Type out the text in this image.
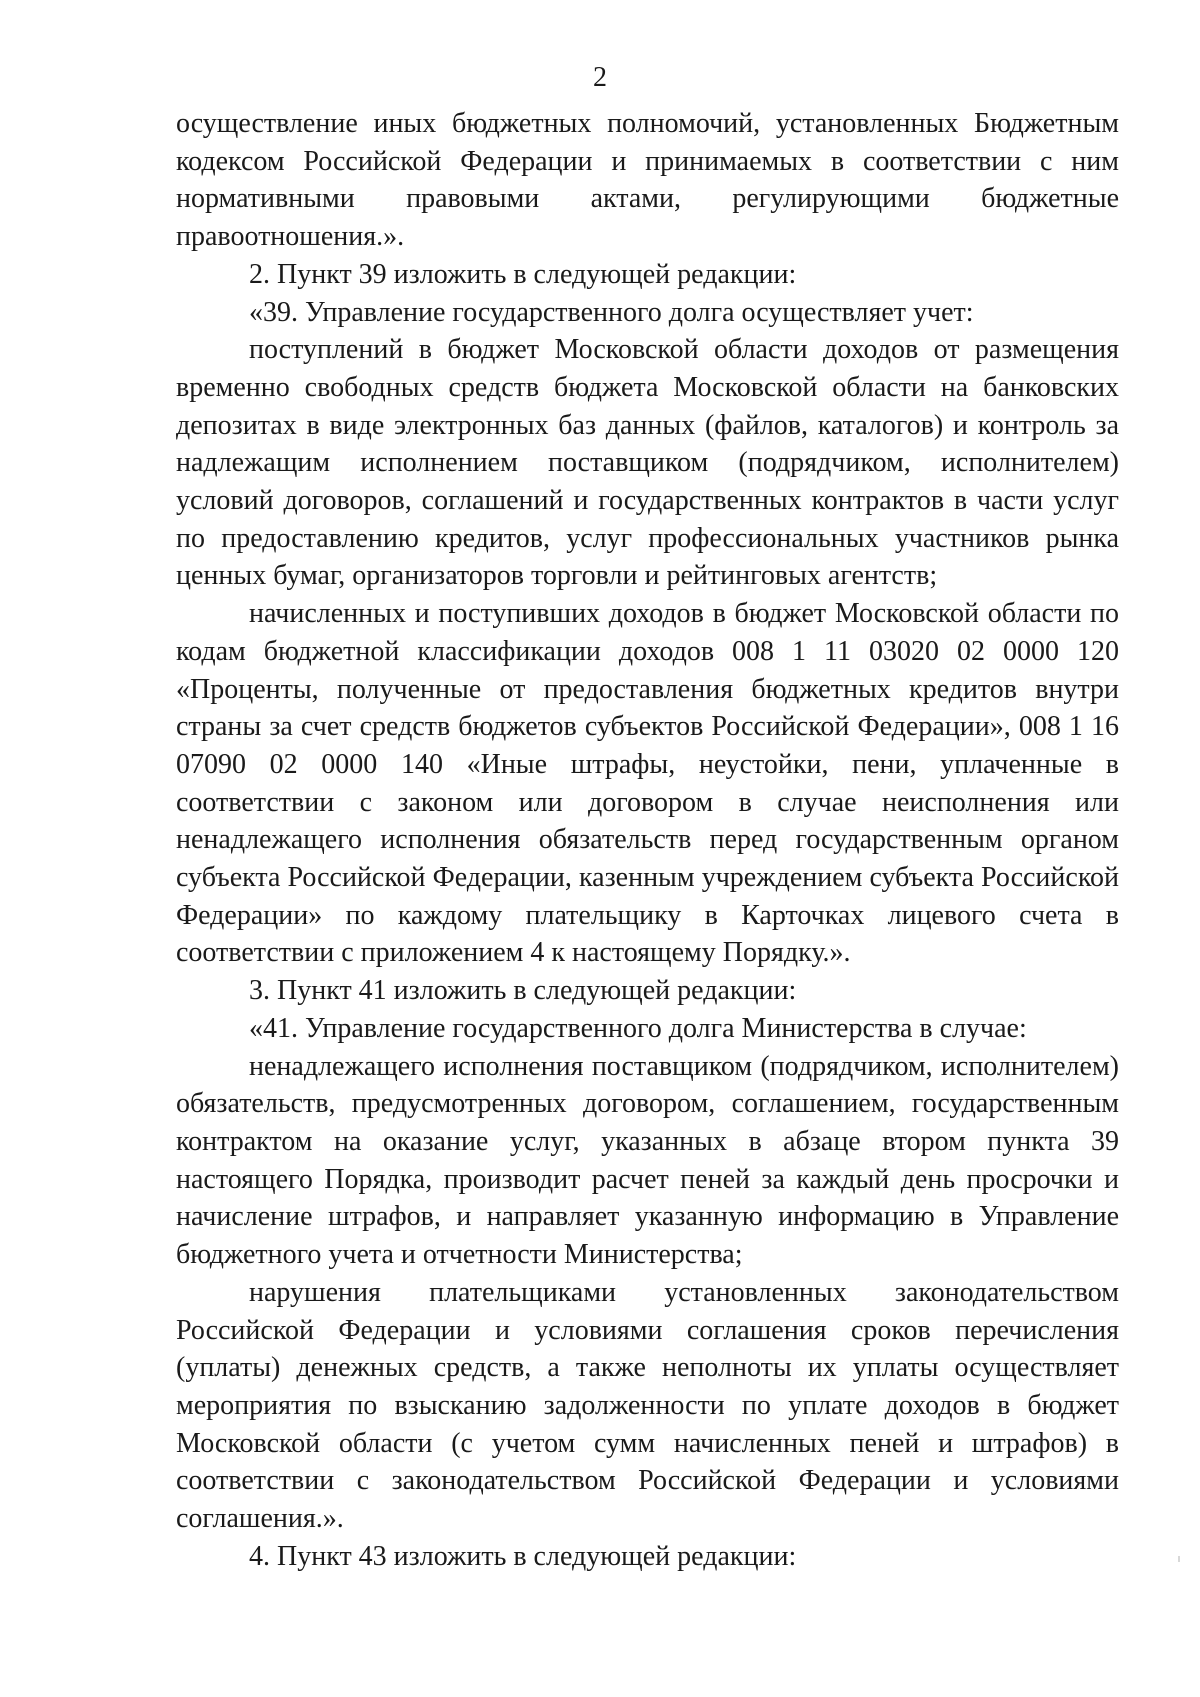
2

осуществление иных бюджетных полномочий, установленных Бюджетным кодексом Российской Федерации и принимаемых в соответствии с ним нормативными правовыми актами, регулирующими бюджетные правоотношения.».

2. Пункт 39 изложить в следующей редакции:

«39. Управление государственного долга осуществляет учет:

поступлений в бюджет Московской области доходов от размещения временно свободных средств бюджета Московской области на банковских депозитах в виде электронных баз данных (файлов, каталогов) и контроль за надлежащим исполнением поставщиком (подрядчиком, исполнителем) условий договоров, соглашений и государственных контрактов в части услуг по предоставлению кредитов, услуг профессиональных участников рынка ценных бумаг, организаторов торговли и рейтинговых агентств;

начисленных и поступивших доходов в бюджет Московской области по кодам бюджетной классификации доходов 008 1 11 03020 02 0000 120 «Проценты, полученные от предоставления бюджетных кредитов внутри страны за счет средств бюджетов субъектов Российской Федерации», 008 1 16 07090 02 0000 140 «Иные штрафы, неустойки, пени, уплаченные в соответствии с законом или договором в случае неисполнения или ненадлежащего исполнения обязательств перед государственным органом субъекта Российской Федерации, казенным учреждением субъекта Российской Федерации» по каждому плательщику в Карточках лицевого счета в соответствии с приложением 4 к настоящему Порядку.».

3. Пункт 41 изложить в следующей редакции:

«41. Управление государственного долга Министерства в случае:

ненадлежащего исполнения поставщиком (подрядчиком, исполнителем) обязательств, предусмотренных договором, соглашением, государственным контрактом на оказание услуг, указанных в абзаце втором пункта 39 настоящего Порядка, производит расчет пеней за каждый день просрочки и начисление штрафов, и направляет указанную информацию в Управление бюджетного учета и отчетности Министерства;

нарушения плательщиками установленных законодательством Российской Федерации и условиями соглашения сроков перечисления (уплаты) денежных средств, а также неполноты их уплаты осуществляет мероприятия по взысканию задолженности по уплате доходов в бюджет Московской области (с учетом сумм начисленных пеней и штрафов) в соответствии с законодательством Российской Федерации и условиями соглашения.».

4. Пункт 43 изложить в следующей редакции:
